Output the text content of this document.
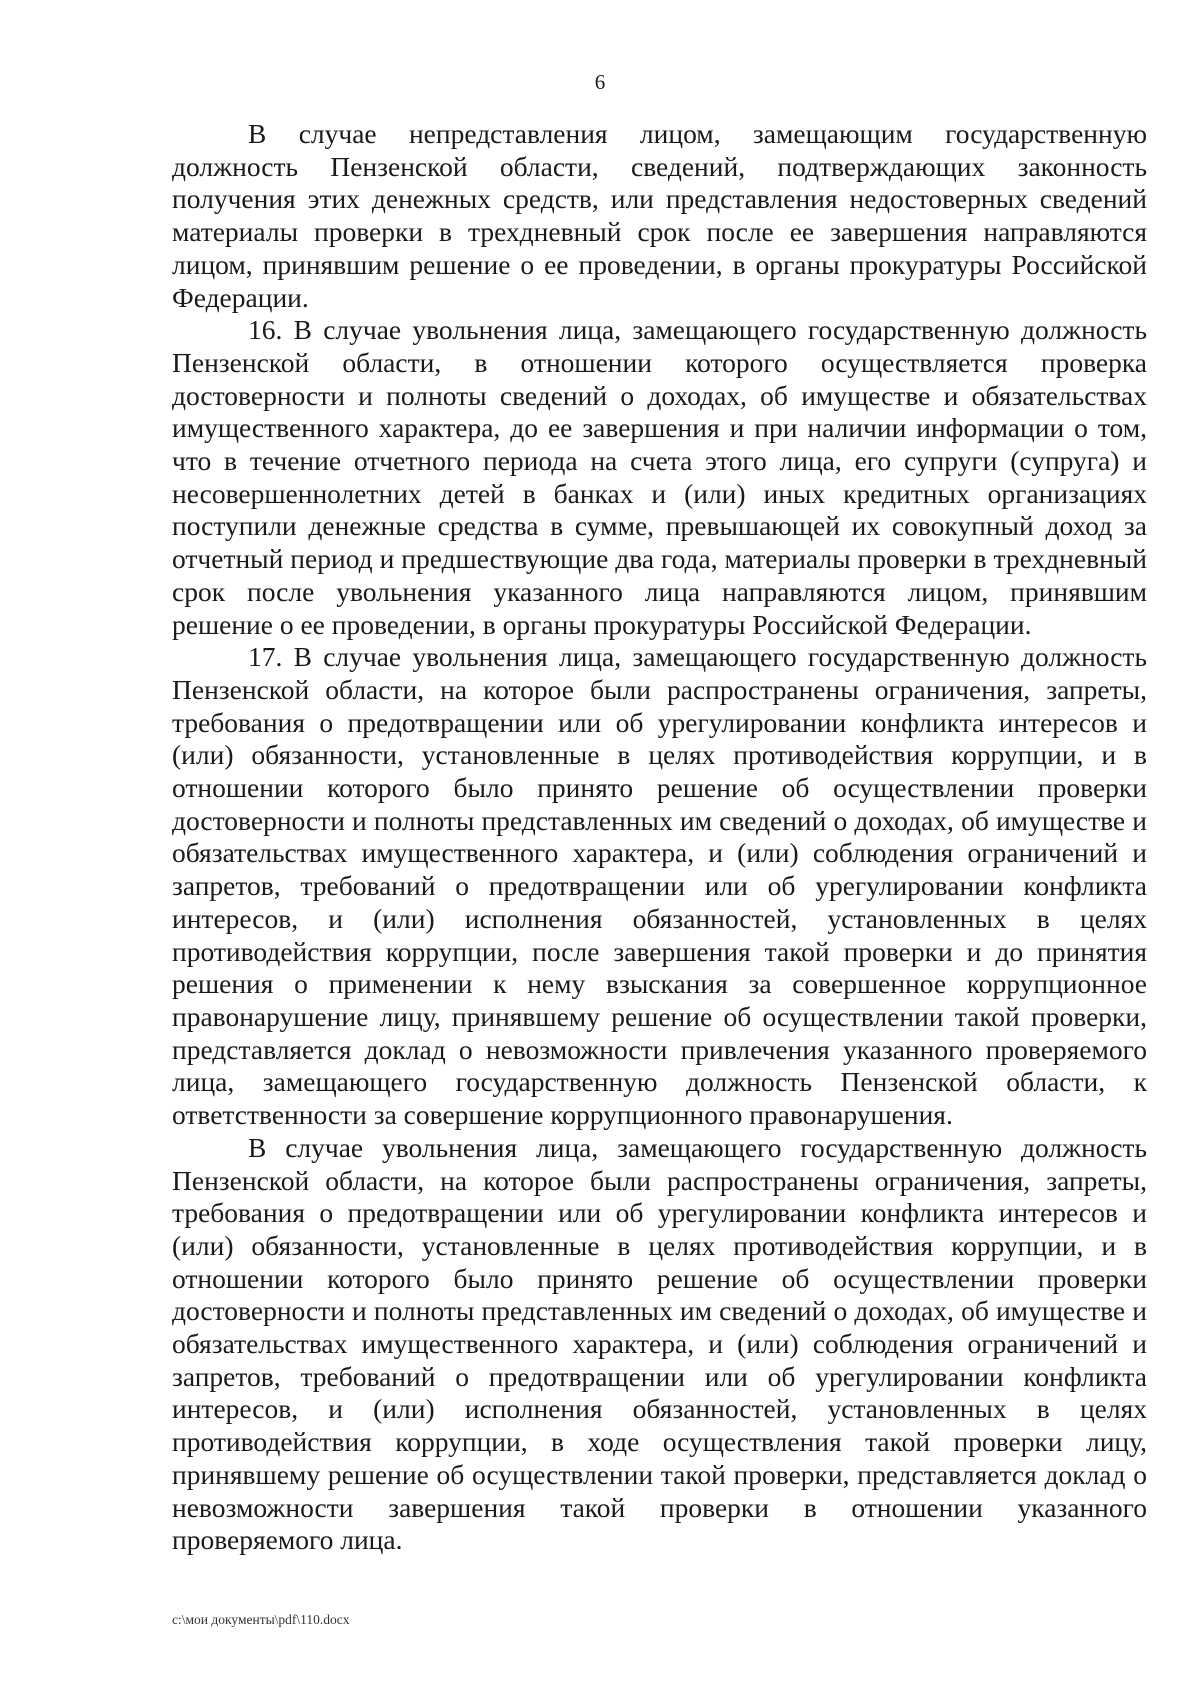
6

В случае непредставления лицом, замещающим государственную должность Пензенской области, сведений, подтверждающих законность получения этих денежных средств, или представления недостоверных сведений материалы проверки в трехдневный срок после ее завершения направляются лицом, принявшим решение о ее проведении, в органы прокуратуры Российской Федерации.

16. В случае увольнения лица, замещающего государственную должность Пензенской области, в отношении которого осуществляется проверка достоверности и полноты сведений о доходах, об имуществе и обязательствах имущественного характера, до ее завершения и при наличии информации о том, что в течение отчетного периода на счета этого лица, его супруги (супруга) и несовершеннолетних детей в банках и (или) иных кредитных организациях поступили денежные средства в сумме, превышающей их совокупный доход за отчетный период и предшествующие два года, материалы проверки в трехдневный срок после увольнения указанного лица направляются лицом, принявшим решение о ее проведении, в органы прокуратуры Российской Федерации.

17. В случае увольнения лица, замещающего государственную должность Пензенской области, на которое были распространены ограничения, запреты, требования о предотвращении или об урегулировании конфликта интересов и (или) обязанности, установленные в целях противодействия коррупции, и в отношении которого было принято решение об осуществлении проверки достоверности и полноты представленных им сведений о доходах, об имуществе и обязательствах имущественного характера, и (или) соблюдения ограничений и запретов, требований о предотвращении или об урегулировании конфликта интересов, и (или) исполнения обязанностей, установленных в целях противодействия коррупции, после завершения такой проверки и до принятия решения о применении к нему взыскания за совершенное коррупционное правонарушение лицу, принявшему решение об осуществлении такой проверки, представляется доклад о невозможности привлечения указанного проверяемого лица, замещающего государственную должность Пензенской области, к ответственности за совершение коррупционного правонарушения.

В случае увольнения лица, замещающего государственную должность Пензенской области, на которое были распространены ограничения, запреты, требования о предотвращении или об урегулировании конфликта интересов и (или) обязанности, установленные в целях противодействия коррупции, и в отношении которого было принято решение об осуществлении проверки достоверности и полноты представленных им сведений о доходах, об имуществе и обязательствах имущественного характера, и (или) соблюдения ограничений и запретов, требований о предотвращении или об урегулировании конфликта интересов, и (или) исполнения обязанностей, установленных в целях противодействия коррупции, в ходе осуществления такой проверки лицу, принявшему решение об осуществлении такой проверки, представляется доклад о невозможности завершения такой проверки в отношении указанного проверяемого лица.

c:\мои документы\pdf\110.docx
